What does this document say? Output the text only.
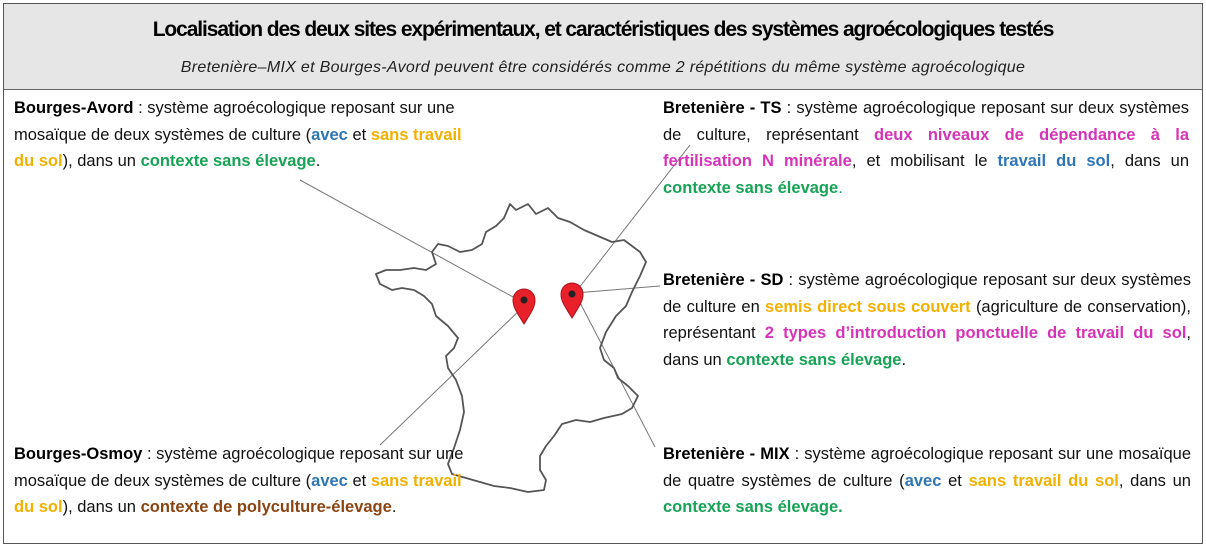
Localisation des deux sites expérimentaux, et caractéristiques des systèmes agroécologiques testés
Bretenière–MIX et Bourges-Avord peuvent être considérés comme 2 répétitions du même système agroécologique
Bourges-Avord : système agroécologique reposant sur une mosaïque de deux systèmes de culture (avec et sans travail du sol), dans un contexte sans élevage.
Bourges-Osmoy : système agroécologique reposant sur une mosaïque de deux systèmes de culture (avec et sans travail du sol), dans un contexte de polyculture-élevage.
Bretenière - TS : système agroécologique reposant sur deux systèmes de culture, représentant deux niveaux de dépendance à la fertilisation N minérale, et mobilisant le travail du sol, dans un contexte sans élevage.
Bretenière - SD : système agroécologique reposant sur deux systèmes de culture en semis direct sous couvert (agriculture de conservation), représentant 2 types d’introduction ponctuelle de travail du sol, dans un contexte sans élevage.
Bretenière - MIX : système agroécologique reposant sur une mosaïque de quatre systèmes de culture (avec et sans travail du sol, dans un contexte sans élevage.
